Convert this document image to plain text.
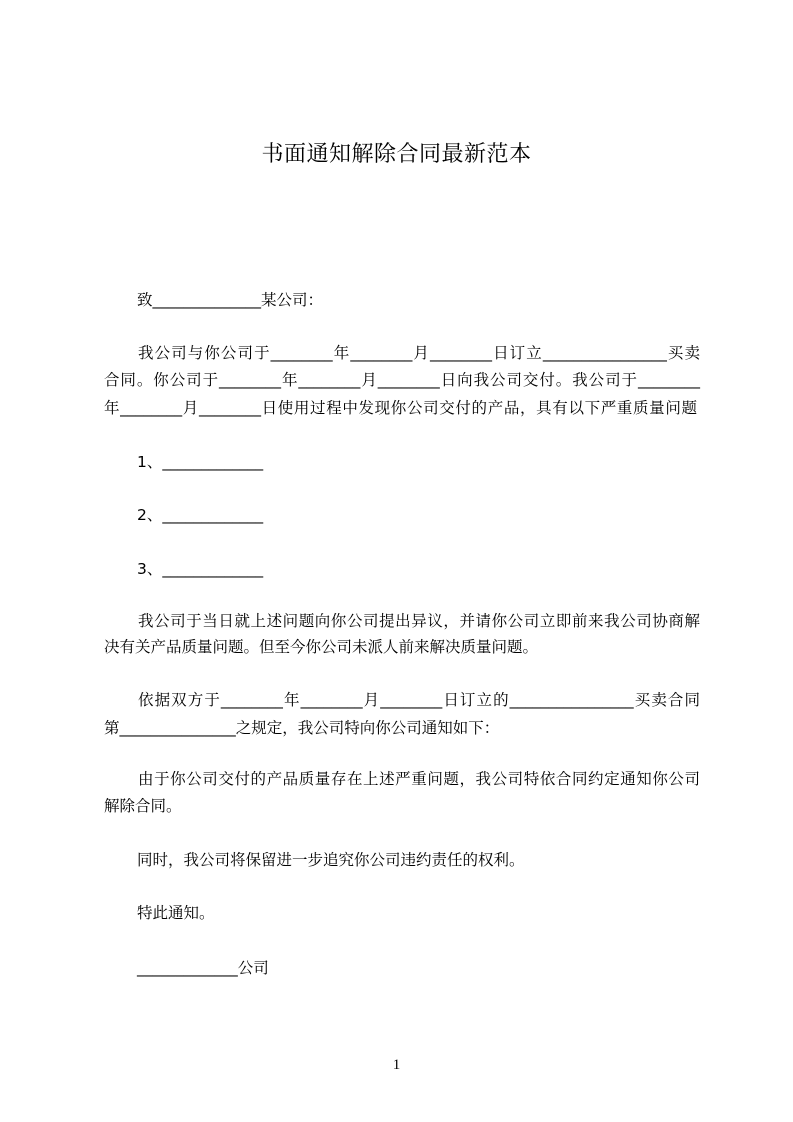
书面通知解除合同最新范本
致______________某公司：
我公司与你公司于________年________月________日订立________________买卖
合同。你公司于________年________月________日向我公司交付。我公司于________
年________月________日使用过程中发现你公司交付的产品，具有以下严重质量问题
1、_____________
2、_____________
3、_____________
我公司于当日就上述问题向你公司提出异议，并请你公司立即前来我公司协商解
决有关产品质量问题。但至今你公司未派人前来解决质量问题。
依据双方于________年________月________日订立的________________买卖合同
第_______________之规定，我公司特向你公司通知如下：
由于你公司交付的产品质量存在上述严重问题，我公司特依合同约定通知你公司
解除合同。
同时，我公司将保留进一步追究你公司违约责任的权利。
特此通知。
_____________公司
1
